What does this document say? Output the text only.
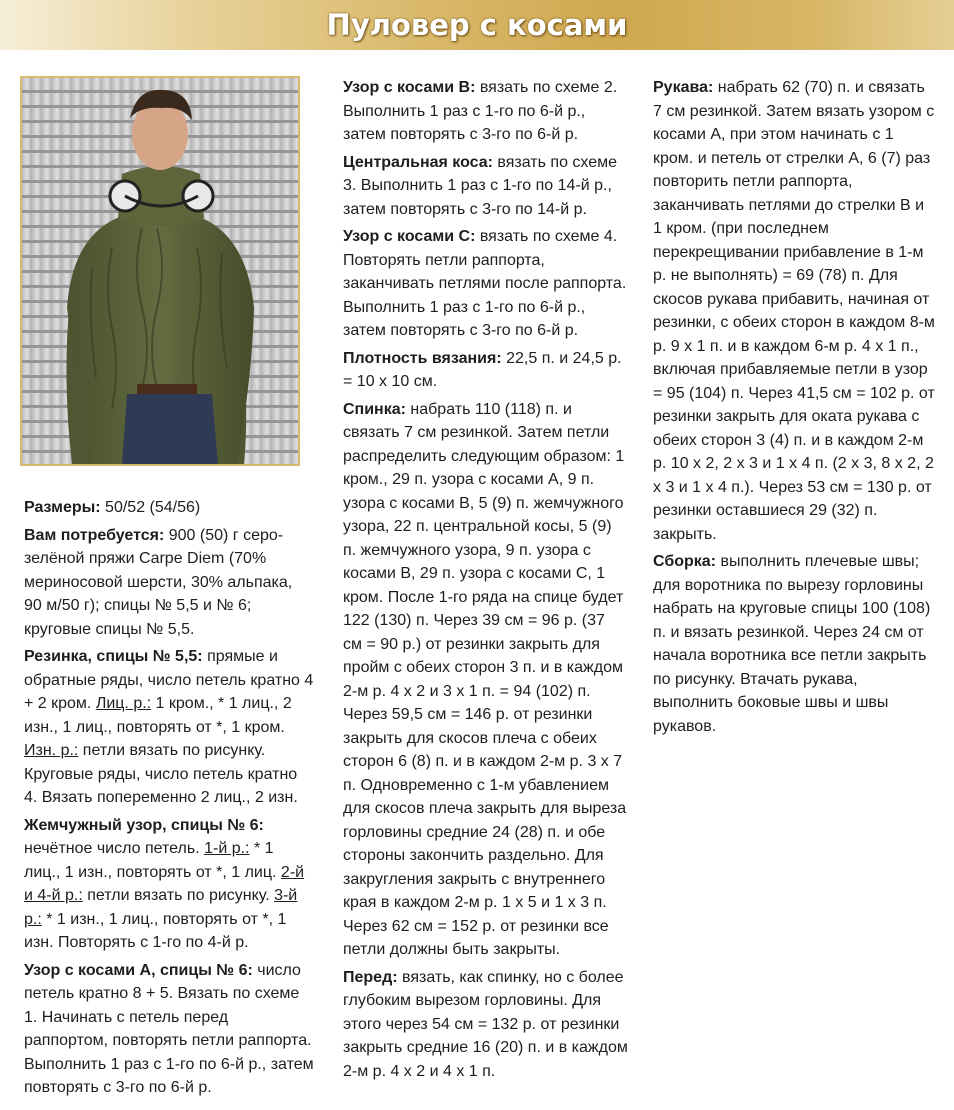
Пуловер с косами

Размеры: 50/52 (54/56)

Вам потребуется: 900 (50) г серо-зелёной пряжи Carpe Diem (70% мериносовой шерсти, 30% альпака, 90 м/50 г); спицы № 5,5 и № 6; круговые спицы № 5,5.

Резинка, спицы № 5,5: прямые и обратные ряды, число петель кратно 4 + 2 кром. Лиц. р.: 1 кром., * 1 лиц., 2 изн., 1 лиц., повторять от *, 1 кром. Изн. р.: петли вязать по рисунку. Круговые ряды, число петель кратно 4. Вязать попеременно 2 лиц., 2 изн.

Жемчужный узор, спицы № 6: нечётное число петель. 1-й р.: * 1 лиц., 1 изн., повторять от *, 1 лиц. 2-й и 4-й р.: петли вязать по рисунку. 3-й р.: * 1 изн., 1 лиц., повторять от *, 1 изн. Повторять с 1-го по 4-й р.

Узор с косами А, спицы № 6: число петель кратно 8 + 5. Вязать по схеме 1. Начинать с петель перед раппортом, повторять петли раппорта. Выполнить 1 раз с 1-го по 6-й р., затем повторять с 3-го по 6-й р.

Узор с косами В: вязать по схеме 2. Выполнить 1 раз с 1-го по 6-й р., затем повторять с 3-го по 6-й р.

Центральная коса: вязать по схеме 3. Выполнить 1 раз с 1-го по 14-й р., затем повторять с 3-го по 14-й р.

Узор с косами С: вязать по схеме 4. Повторять петли раппорта, заканчивать петлями после раппорта. Выполнить 1 раз с 1-го по 6-й р., затем повторять с 3-го по 6-й р.

Плотность вязания: 22,5 п. и 24,5 р. = 10 х 10 см.

Спинка: набрать 110 (118) п. и связать 7 см резинкой. Затем петли распределить следующим образом: 1 кром., 29 п. узора с косами А, 9 п. узора с косами В, 5 (9) п. жемчужного узора, 22 п. центральной косы, 5 (9) п. жемчужного узора, 9 п. узора с косами В, 29 п. узора с косами С, 1 кром. После 1-го ряда на спице будет 122 (130) п. Через 39 см = 96 р. (37 см = 90 р.) от резинки закрыть для пройм с обеих сторон 3 п. и в каждом 2-м р. 4 х 2 и 3 х 1 п. = 94 (102) п. Через 59,5 см = 146 р. от резинки закрыть для скосов плеча с обеих сторон 6 (8) п. и в каждом 2-м р. 3 х 7 п. Одновременно с 1-м убавлением для скосов плеча закрыть для выреза горловины средние 24 (28) п. и обе стороны закончить раздельно. Для закругления закрыть с внутреннего края в каждом 2-м р. 1 х 5 и 1 х 3 п. Через 62 см = 152 р. от резинки все петли должны быть закрыты.

Перед: вязать, как спинку, но с более глубоким вырезом горловины. Для этого через 54 см = 132 р. от резинки закрыть средние 16 (20) п. и в каждом 2-м р. 4 х 2 и 4 х 1 п.

Рукава: набрать 62 (70) п. и связать 7 см резинкой. Затем вязать узором с косами А, при этом начинать с 1 кром. и петель от стрелки А, 6 (7) раз повторить петли раппорта, заканчивать петлями до стрелки В и 1 кром. (при последнем перекрещивании прибавление в 1-м р. не выполнять) = 69 (78) п. Для скосов рукава прибавить, начиная от резинки, с обеих сторон в каждом 8-м р. 9 х 1 п. и в каждом 6-м р. 4 х 1 п., включая прибавляемые петли в узор = 95 (104) п. Через 41,5 см = 102 р. от резинки закрыть для оката рукава с обеих сторон 3 (4) п. и в каждом 2-м р. 10 х 2, 2 х 3 и 1 х 4 п. (2 х 3, 8 х 2, 2 х 3 и 1 х 4 п.). Через 53 см = 130 р. от резинки оставшиеся 29 (32) п. закрыть.

Сборка: выполнить плечевые швы; для воротника по вырезу горловины набрать на круговые спицы 100 (108) п. и вязать резинкой. Через 24 см от начала воротника все петли закрыть по рисунку. Втачать рукава, выполнить боковые швы и швы рукавов.
